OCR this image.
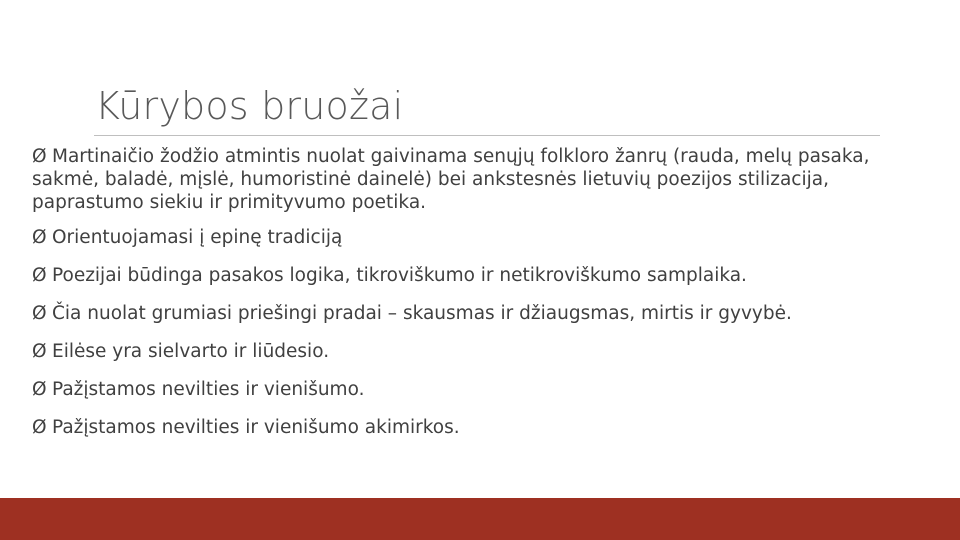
Kūrybos bruožai
Ø Martinaičio žodžio atmintis nuolat gaivinama senųjų folkloro žanrų (rauda, melų pasaka, sakmė, baladė, mįslė, humoristinė dainelė) bei ankstesnės lietuvių poezijos stilizacija, paprastumo siekiu ir primityvumo poetika.
Ø Orientuojamasi į epinę tradiciją
Ø Poezijai būdinga pasakos logika, tikroviškumo ir netikroviškumo samplaika.
Ø Čia nuolat grumiasi priešingi pradai – skausmas ir džiaugsmas, mirtis ir gyvybė.
Ø Eilėse yra sielvarto ir liūdesio.
Ø Pažįstamos nevilties ir vienišumo.
Ø Pažįstamos nevilties ir vienišumo akimirkos.
